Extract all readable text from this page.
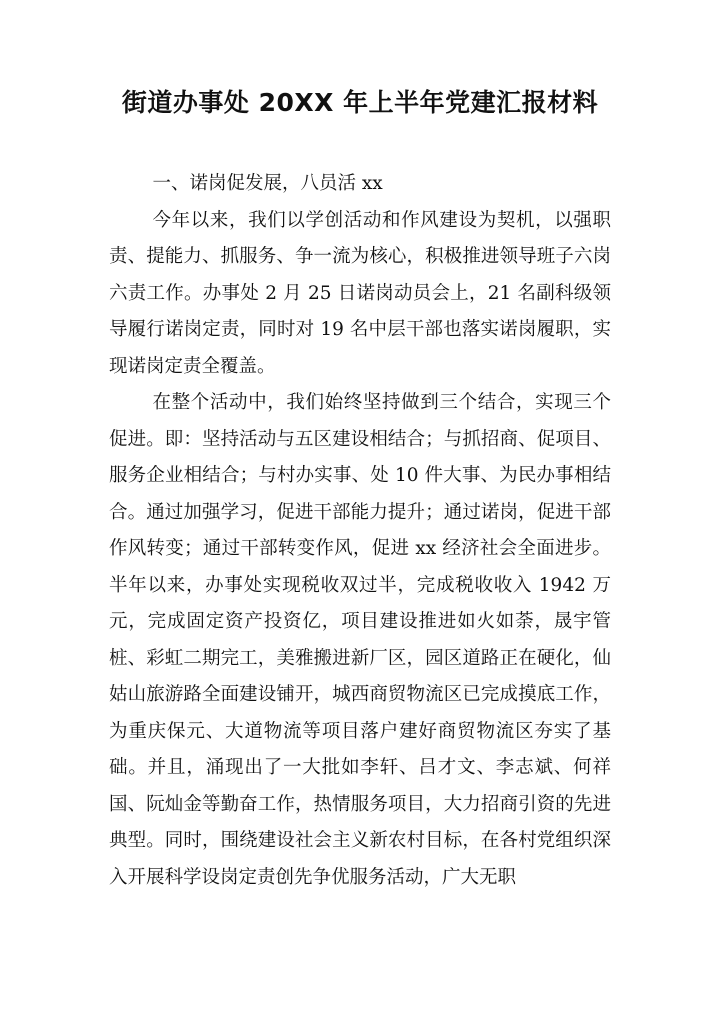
街道办事处 20XX 年上半年党建汇报材料
一、诺岗促发展，八员活 xx

今年以来，我们以学创活动和作风建设为契机，以强职责、提能力、抓服务、争一流为核心，积极推进领导班子六岗六责工作。办事处 2 月 25 日诺岗动员会上，21 名副科级领导履行诺岗定责，同时对 19 名中层干部也落实诺岗履职，实现诺岗定责全覆盖。

在整个活动中，我们始终坚持做到三个结合，实现三个促进。即：坚持活动与五区建设相结合；与抓招商、促项目、服务企业相结合；与村办实事、处 10 件大事、为民办事相结合。通过加强学习，促进干部能力提升；通过诺岗，促进干部作风转变；通过干部转变作风，促进 xx 经济社会全面进步。半年以来，办事处实现税收双过半，完成税收收入 1942 万元，完成固定资产投资亿，项目建设推进如火如荼，晟宇管桩、彩虹二期完工，美雅搬进新厂区，园区道路正在硬化，仙姑山旅游路全面建设铺开，城西商贸物流区已完成摸底工作，为重庆保元、大道物流等项目落户建好商贸物流区夯实了基础。并且，涌现出了一大批如李轩、吕才文、李志斌、何祥国、阮灿金等勤奋工作，热情服务项目，大力招商引资的先进典型。同时，围绕建设社会主义新农村目标，在各村党组织深入开展科学设岗定责创先争优服务活动，广大无职
